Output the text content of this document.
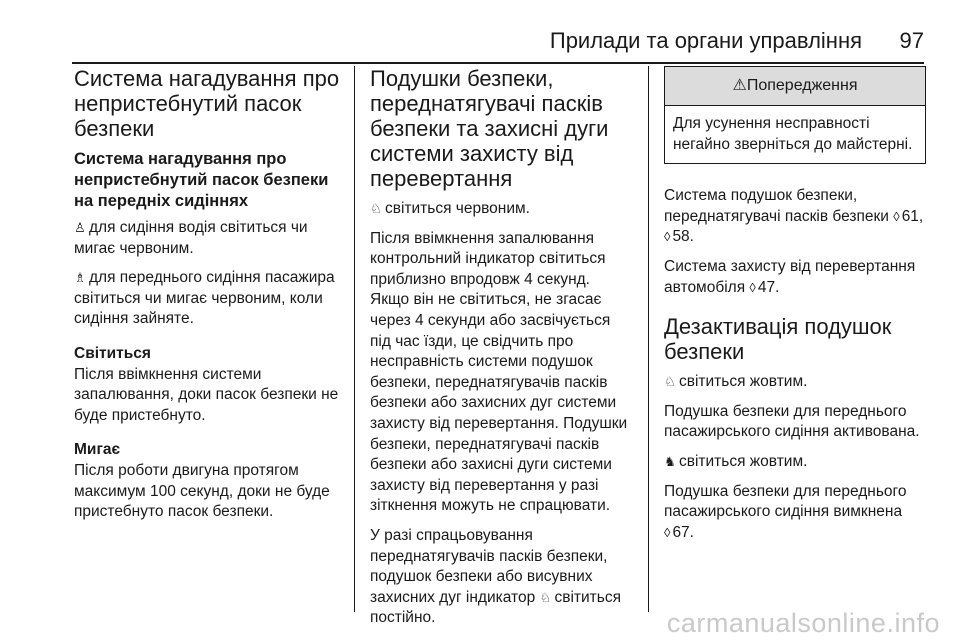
Прилади та органи управління 97
Система нагадування про непристебнутий пасок безпеки
Система нагадування про непристебнутий пасок безпеки на передніх сидіннях

♙ для сидіння водія світиться чи мигає червоним.

♗ для переднього сидіння пасажира світиться чи мигає червоним, коли сидіння зайняте.

Світиться
Після ввімкнення системи запалювання, доки пасок безпеки не буде пристебнуто.

Мигає
Після роботи двигуна протягом максимум 100 секунд, доки не буде пристебнуто пасок безпеки.

Подушки безпеки, переднатягувачі пасків безпеки та захисні дуги системи захисту від перевертання

♘ світиться червоним.

Після ввімкнення запалювання контрольний індикатор світиться приблизно впродовж 4 секунд. Якщо він не світиться, не згасає через 4 секунди або засвічується під час їзди, це свідчить про несправність системи подушок безпеки, переднатягувачів пасків безпеки або захисних дуг системи захисту від перевертання. Подушки безпеки, переднатягувачі пасків безпеки або захисні дуги системи захисту від перевертання у разі зіткнення можуть не спрацювати.

У разі спрацьовування переднатягувачів пасків безпеки, подушок безпеки або висувних захисних дуг індикатор ♘ світиться постійно.

⚠Попередження
Для усунення несправності негайно зверніться до майстерні.

Система подушок безпеки, переднатягувачі пасків безпеки ◊ 61, ◊ 58.

Система захисту від перевертання автомобіля ◊ 47.

Дезактивація подушок безпеки

♘ світиться жовтим.

Подушка безпеки для переднього пасажирського сидіння активована.

♞ світиться жовтим.

Подушка безпеки для переднього пасажирського сидіння вимкнена ◊ 67.

carmanualsonline.info
